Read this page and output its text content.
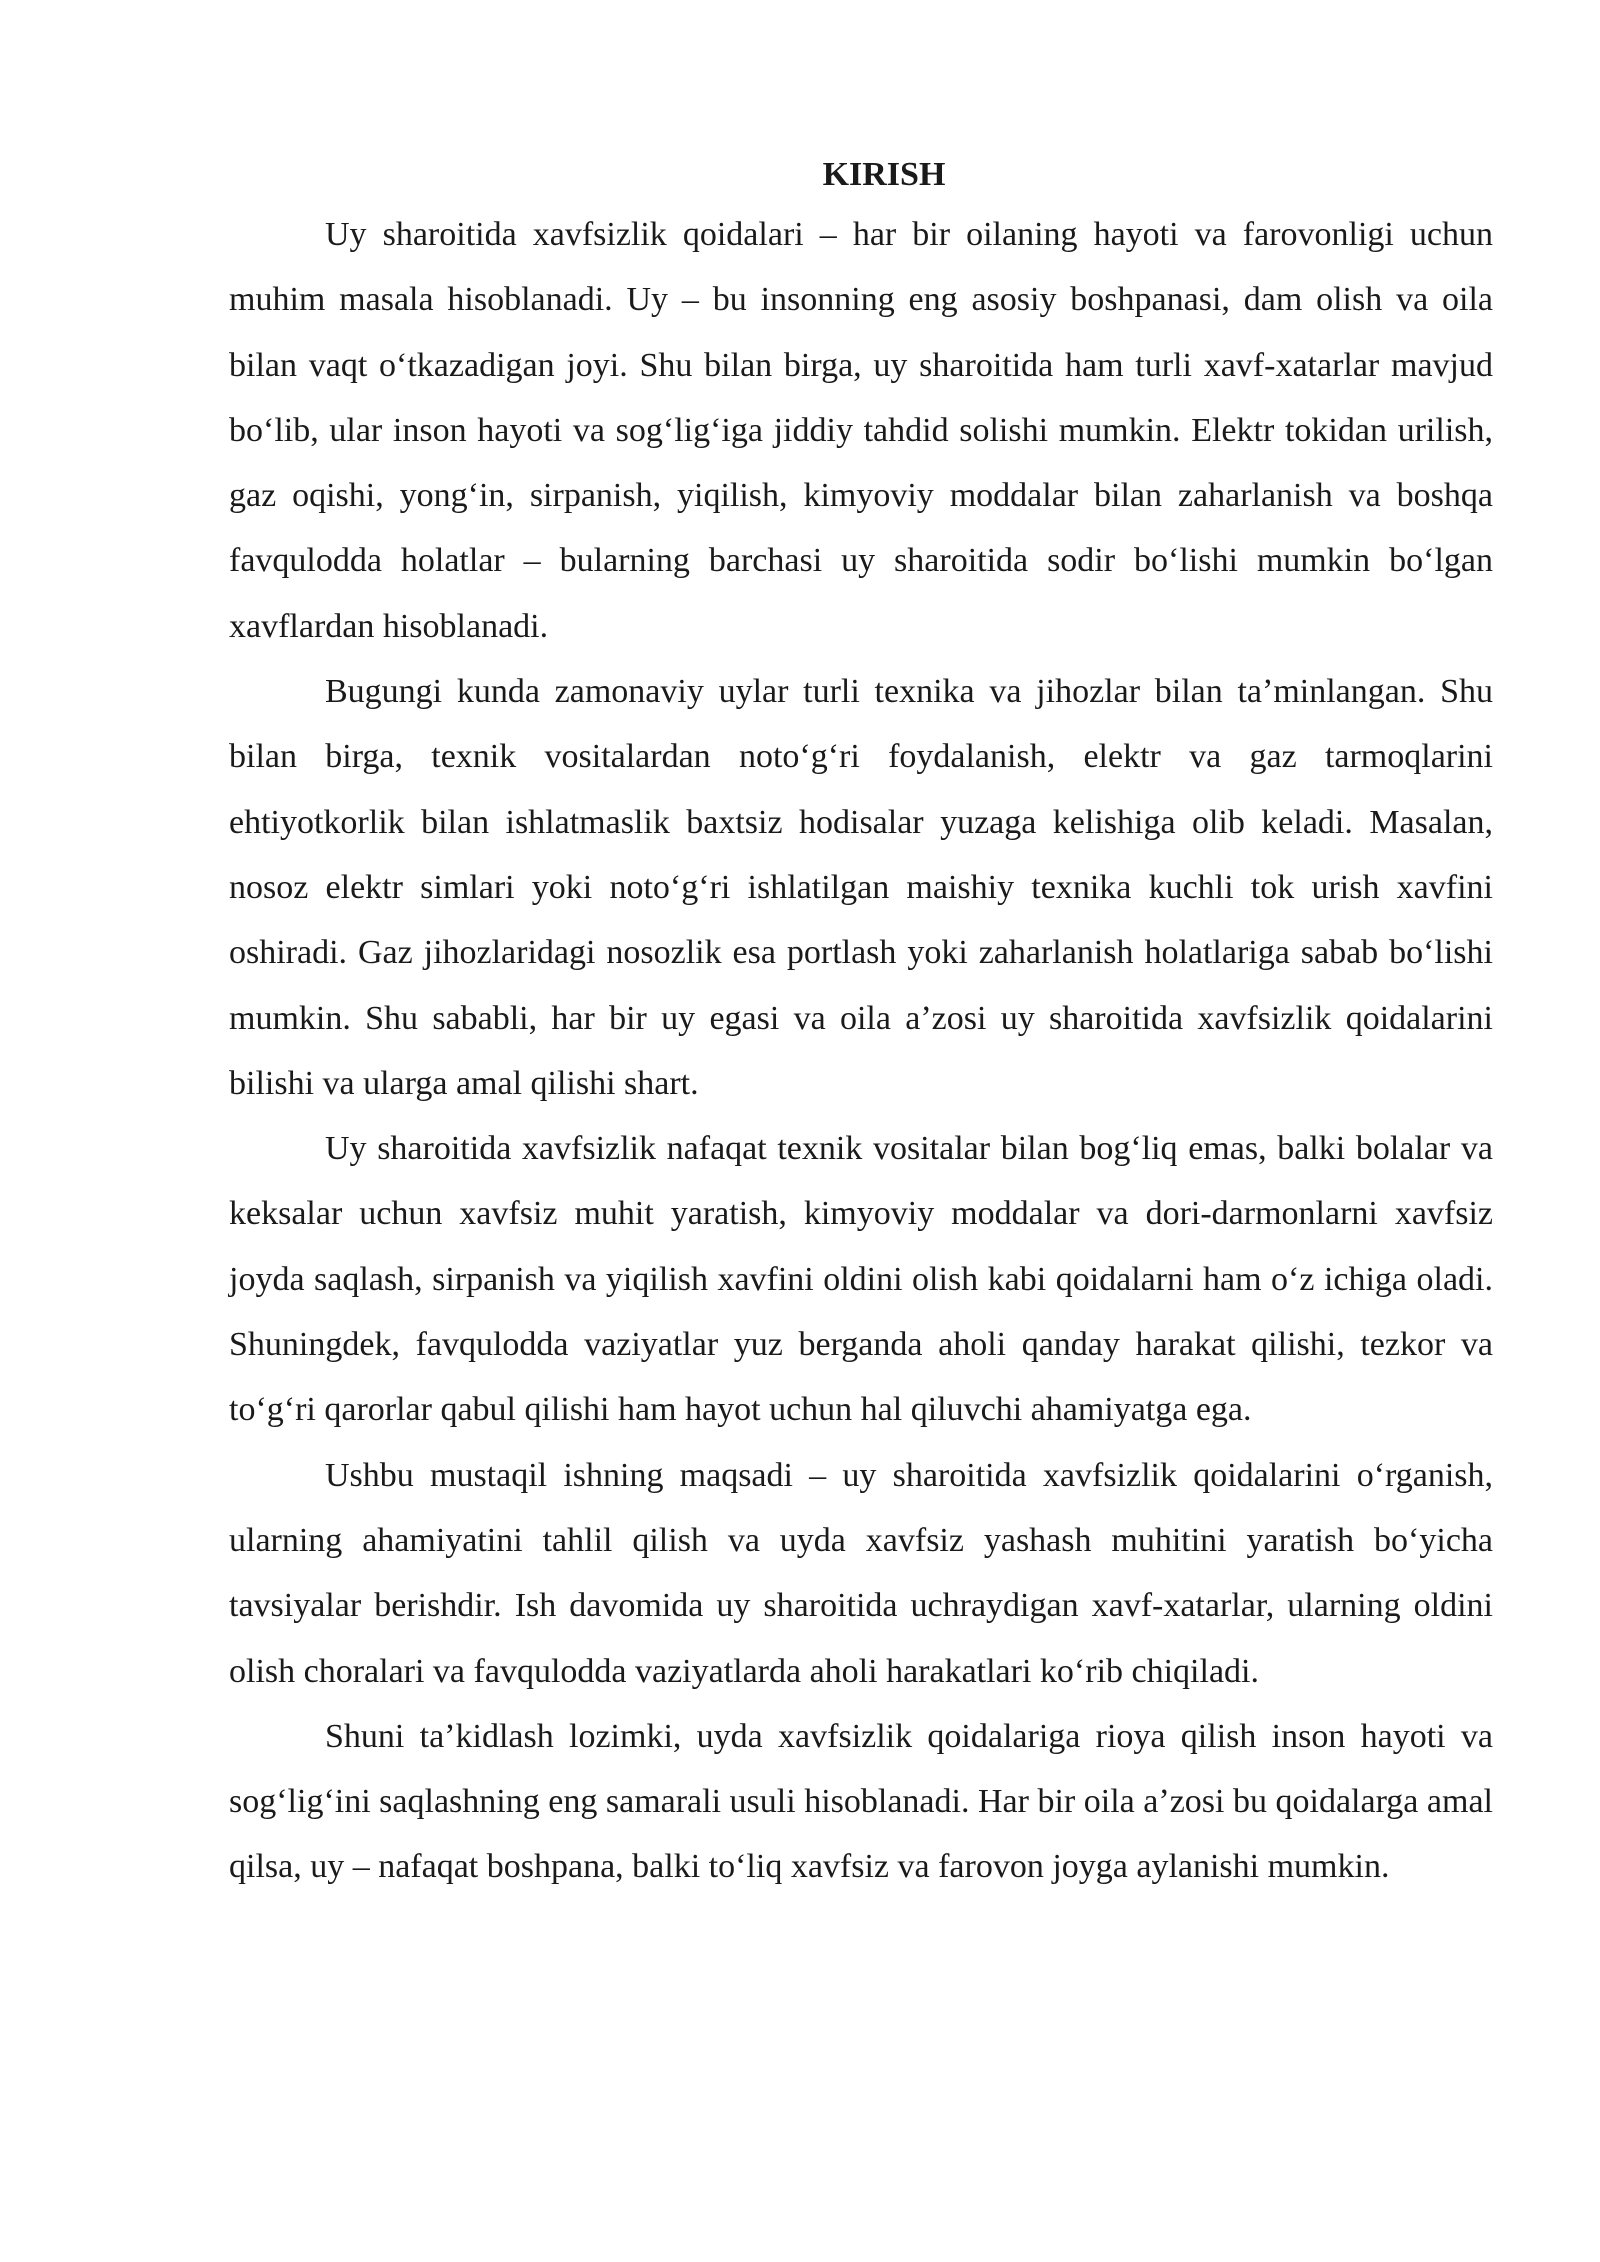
KIRISH

Uy sharoitida xavfsizlik qoidalari – har bir oilaning hayoti va farovonligi uchun muhim masala hisoblanadi. Uy – bu insonning eng asosiy boshpanasi, dam olish va oila bilan vaqt oʻtkazadigan joyi. Shu bilan birga, uy sharoitida ham turli xavf-xatarlar mavjud boʻlib, ular inson hayoti va sogʻligʻiga jiddiy tahdid solishi mumkin. Elektr tokidan urilish, gaz oqishi, yongʻin, sirpanish, yiqilish, kimyoviy moddalar bilan zaharlanish va boshqa favqulodda holatlar – bularning barchasi uy sharoitida sodir boʻlishi mumkin boʻlgan xavflardan hisoblanadi.

Bugungi kunda zamonaviy uylar turli texnika va jihozlar bilan taʼminlangan. Shu bilan birga, texnik vositalardan notoʻgʻri foydalanish, elektr va gaz tarmoqlarini ehtiyotkorlik bilan ishlatmaslik baxtsiz hodisalar yuzaga kelishiga olib keladi. Masalan, nosoz elektr simlari yoki notoʻgʻri ishlatilgan maishiy texnika kuchli tok urish xavfini oshiradi. Gaz jihozlaridagi nosozlik esa portlash yoki zaharlanish holatlariga sabab boʻlishi mumkin. Shu sababli, har bir uy egasi va oila aʼzosi uy sharoitida xavfsizlik qoidalarini bilishi va ularga amal qilishi shart.

Uy sharoitida xavfsizlik nafaqat texnik vositalar bilan bogʻliq emas, balki bolalar va keksalar uchun xavfsiz muhit yaratish, kimyoviy moddalar va dori-darmonlarni xavfsiz joyda saqlash, sirpanish va yiqilish xavfini oldini olish kabi qoidalarni ham oʻz ichiga oladi. Shuningdek, favqulodda vaziyatlar yuz berganda aholi qanday harakat qilishi, tezkor va toʻgʻri qarorlar qabul qilishi ham hayot uchun hal qiluvchi ahamiyatga ega.

Ushbu mustaqil ishning maqsadi – uy sharoitida xavfsizlik qoidalarini oʻrganish, ularning ahamiyatini tahlil qilish va uyda xavfsiz yashash muhitini yaratish boʻyicha tavsiyalar berishdir. Ish davomida uy sharoitida uchraydigan xavf-xatarlar, ularning oldini olish choralari va favqulodda vaziyatlarda aholi harakatlari koʻrib chiqiladi.

Shuni taʼkidlash lozimki, uyda xavfsizlik qoidalariga rioya qilish inson hayoti va sogʻligʻini saqlashning eng samarali usuli hisoblanadi. Har bir oila aʼzosi bu qoidalarga amal qilsa, uy – nafaqat boshpana, balki toʻliq xavfsiz va farovon joyga aylanishi mumkin.
